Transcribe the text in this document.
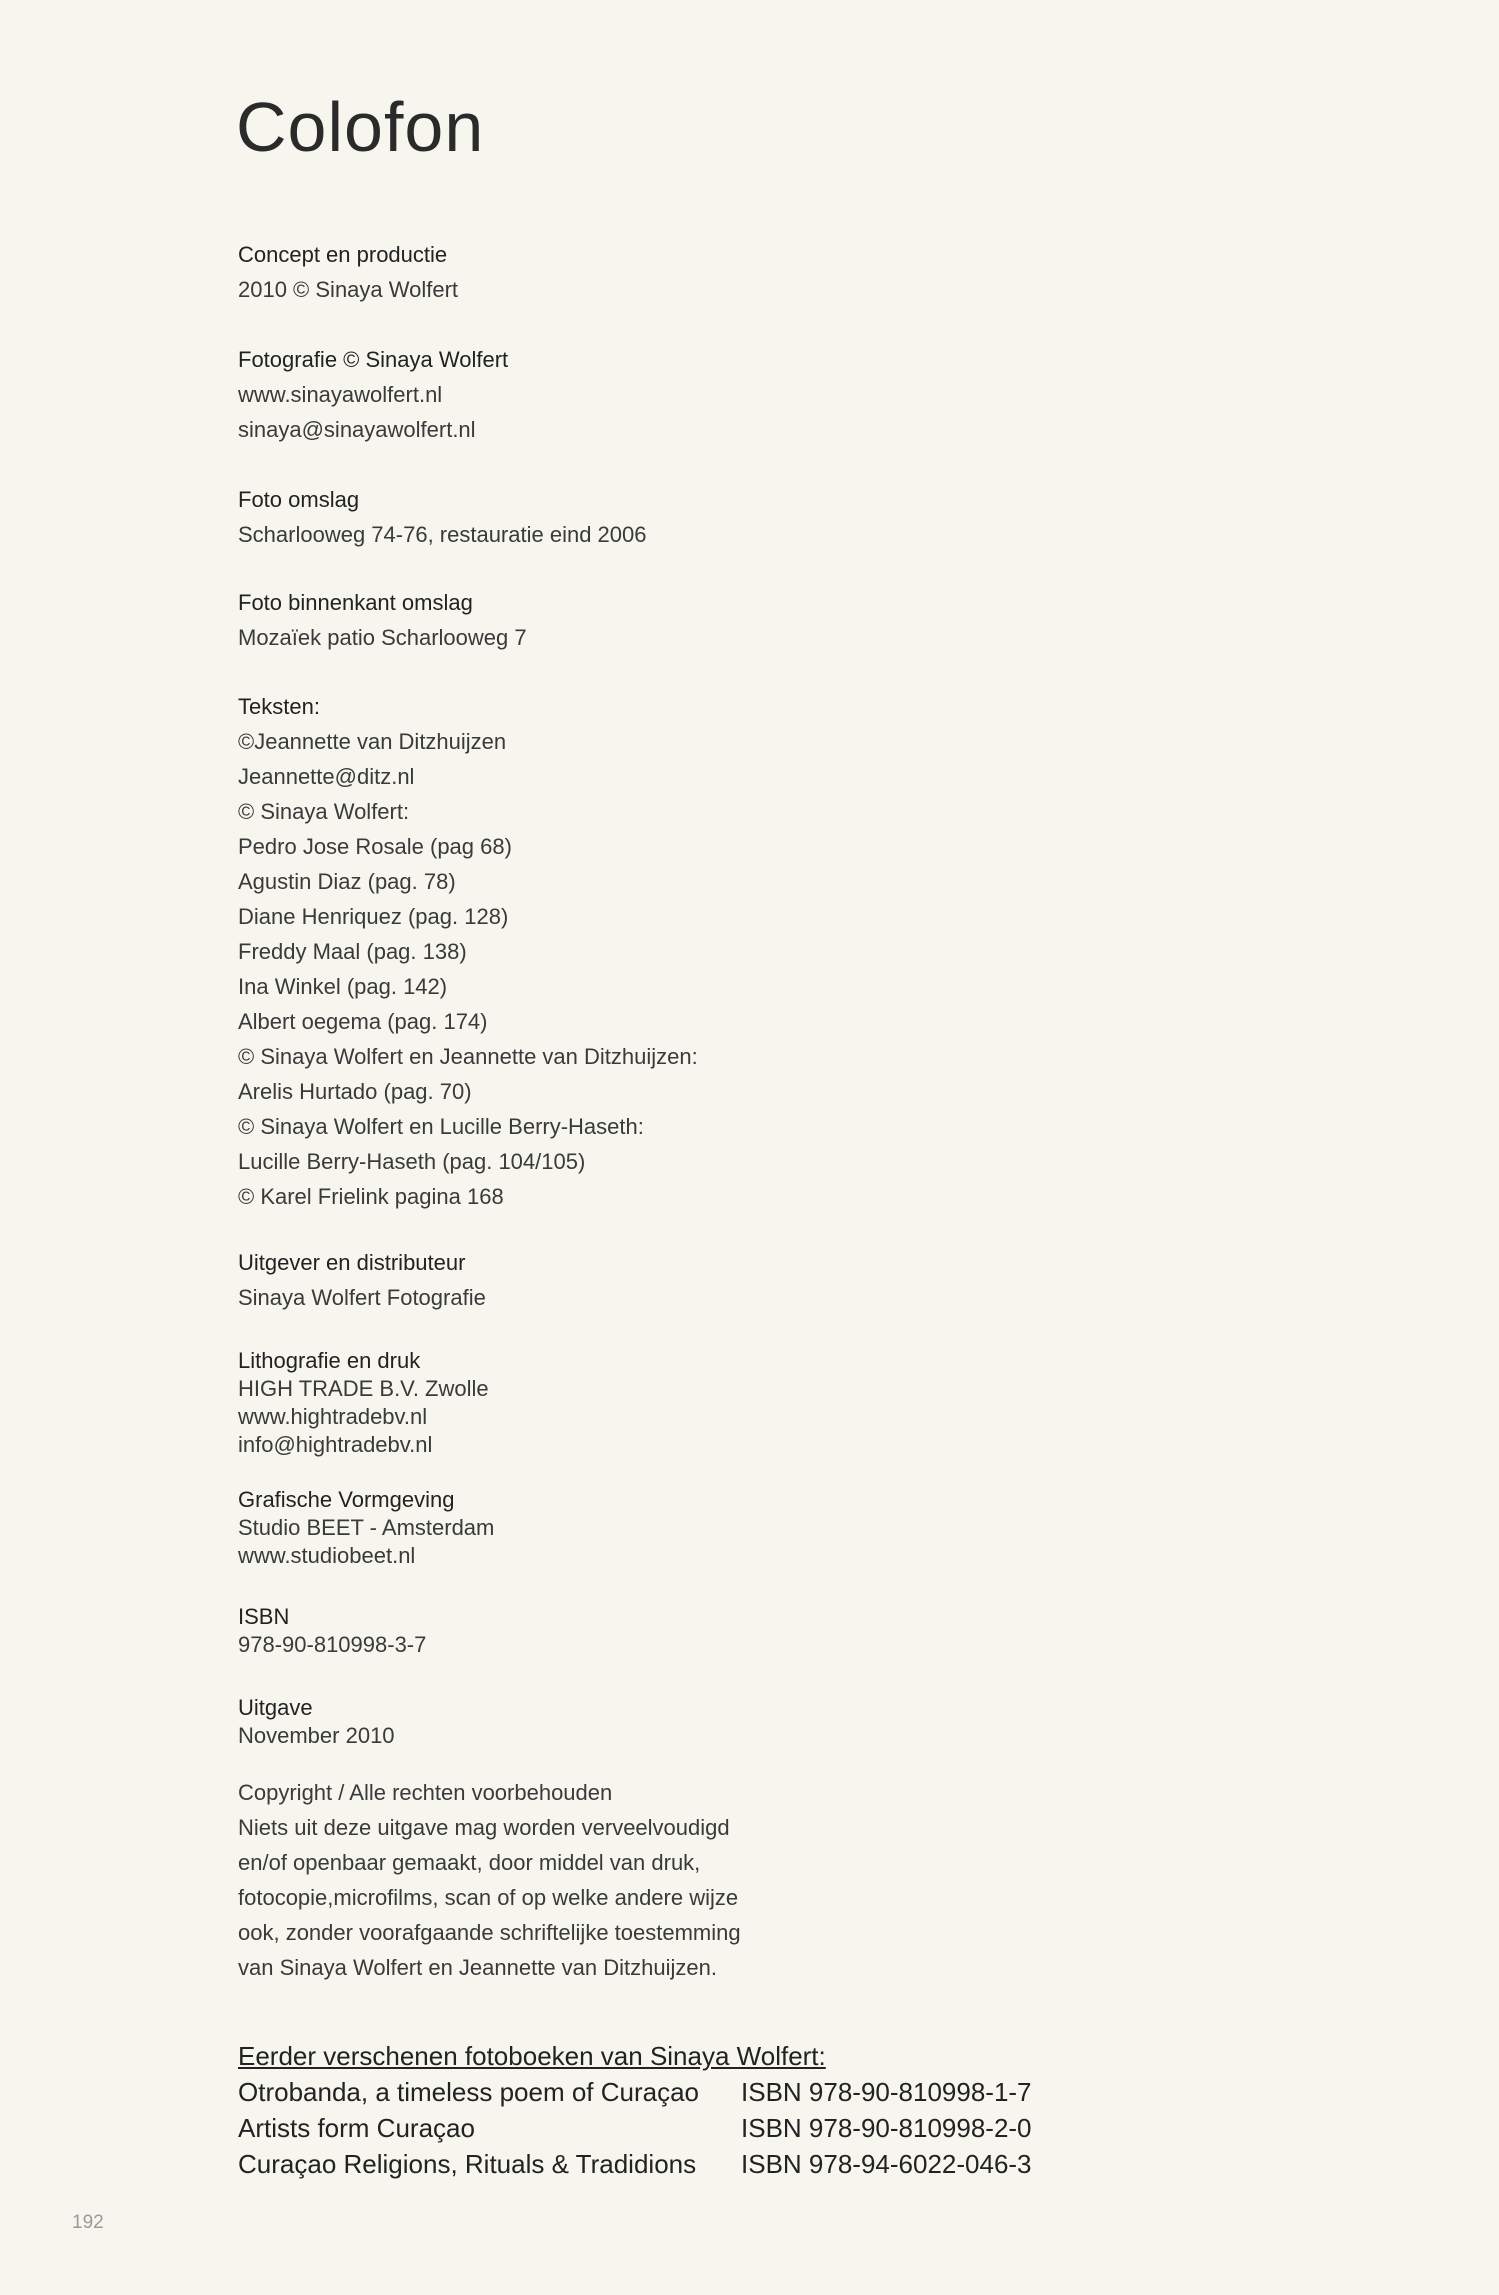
Colofon
Concept en productie
2010 © Sinaya Wolfert
Fotografie © Sinaya Wolfert
www.sinayawolfert.nl
sinaya@sinayawolfert.nl
Foto omslag
Scharlooweg 74-76, restauratie eind 2006
Foto binnenkant omslag
Mozaïek patio Scharlooweg 7
Teksten:
©Jeannette van Ditzhuijzen
Jeannette@ditz.nl
© Sinaya Wolfert:
Pedro Jose Rosale (pag 68)
Agustin Diaz (pag. 78)
Diane Henriquez (pag. 128)
Freddy Maal (pag. 138)
Ina Winkel (pag. 142)
Albert oegema (pag. 174)
© Sinaya Wolfert en Jeannette van Ditzhuijzen:
Arelis Hurtado (pag. 70)
© Sinaya Wolfert en Lucille Berry-Haseth:
Lucille Berry-Haseth (pag. 104/105)
© Karel Frielink pagina 168
Uitgever en distributeur
Sinaya Wolfert Fotografie
Lithografie en druk
HIGH TRADE B.V. Zwolle
www.hightradebv.nl
info@hightradebv.nl
Grafische Vormgeving
Studio BEET - Amsterdam
www.studiobeet.nl
ISBN
978-90-810998-3-7
Uitgave
November 2010
Copyright / Alle rechten voorbehouden
Niets uit deze uitgave mag worden verveelvoudigd
en/of openbaar gemaakt, door middel van druk,
fotocopie,microfilms, scan of op welke andere wijze
ook, zonder voorafgaande schriftelijke toestemming
van Sinaya Wolfert en Jeannette van Ditzhuijzen.
Eerder verschenen fotoboeken van Sinaya Wolfert:
Otrobanda, a timeless poem of Curaçao	ISBN 978-90-810998-1-7
Artists form Curaçao	ISBN 978-90-810998-2-0
Curaçao Religions, Rituals & Tradidions	ISBN 978-94-6022-046-3
192
